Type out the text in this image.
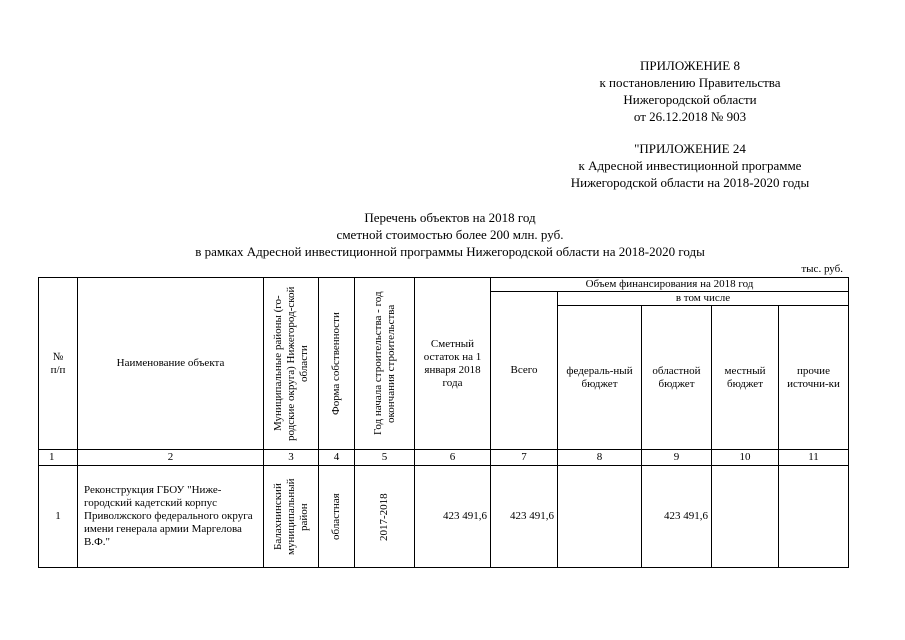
ПРИЛОЖЕНИЕ 8
к постановлению Правительства
Нижегородской области
от 26.12.2018 № 903
"ПРИЛОЖЕНИЕ 24
к Адресной инвестиционной программе
Нижегородской области на 2018-2020 годы
Перечень объектов на 2018 год
сметной стоимостью более 200 млн. руб.
в рамках Адресной инвестиционной программы Нижегородской области на 2018-2020 годы
тыс. руб.
№
п/п	Наименование объекта	Муниципальные районы (го-родские округа) Нижегород-ской области	Форма собственности	Год начала строительства - год окончания строительства	Сметный остаток на 1 января 2018 года	Объем финансирования на 2018 год				
						Всего	в том числе			
							федераль-ный бюджет	областной бюджет	местный бюджет	прочие источни-ки
1	2	3	4	5	6	7	8	9	10	11
1	Реконструкция ГБОУ "Ниже-городский кадетский корпус Приволжского федерального округа имени генерала армии Маргелова В.Ф."	Балахнинский муниципальный район	областная	2017-2018	423 491,6	423 491,6		423 491,6		
